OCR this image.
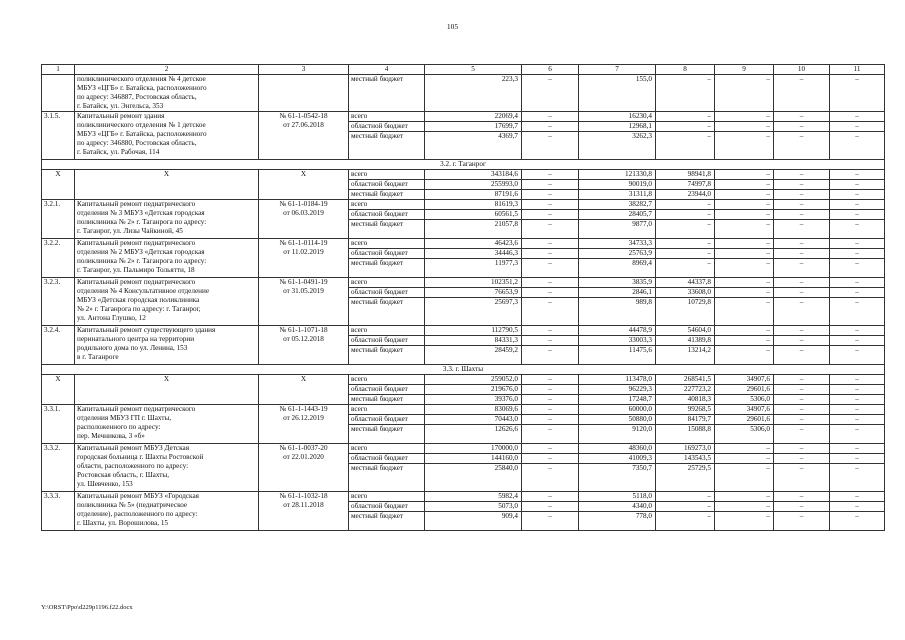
105
1	2	3	4	5	6	7	8	9	10	11
	поликлинического отделения № 4 детское
МБУЗ «ЦГБ» г. Батайска, расположенного
по адресу: 346887, Ростовская область,
г. Батайск, ул. Энгельса, 353		местный бюджет	223,3	–	155,0	–	–	–	–
3.1.5.	Капитальный ремонт здания
поликлинического отделения № 1 детское
МБУЗ «ЦГБ» г. Батайска, расположенного
по адресу: 346880, Ростовская область,
г. Батайск, ул. Рабочая, 114	№ 61-1-0542-18
от 27.06.2018	всего	22069,4	–	16230,4	–	–	–	–
			областной бюджет	17699,7	–	12968,1	–	–	–	–
			местный бюджет	4369,7	–	3262,3	–	–	–	–
3.2. г. Таганрог										
X	X	X	всего	343184,6	–	121330,8	98941,8	–	–	–
			областной бюджет	255993,0	–	90019,0	74997,8	–	–	–
			местный бюджет	87191,6	–	31311,8	23944,0	–	–	–
3.2.1.	Капитальный ремонт педиатрического
отделения № 3 МБУЗ «Детская городская
поликлиника № 2» г. Таганрога по адресу:
г. Таганрог, ул. Лизы Чайкиной, 45	№ 61-1-0184-19
от 06.03.2019	всего	81619,3	–	38282,7	–	–	–	–
			областной бюджет	60561,5	–	28405,7	–	–	–	–
			местный бюджет	21057,8	–	9877,0	–	–	–	–
3.2.2.	Капитальный ремонт педиатрического
отделения № 2 МБУЗ «Детская городская
поликлиника № 2» г. Таганрога по адресу:
г. Таганрог, ул. Пальмиро Тольятти, 18	№ 61-1-0114-19
от 11.02.2019	всего	46423,6	–	34733,3	–	–	–	–
			областной бюджет	34446,3	–	25763,9	–	–	–	–
			местный бюджет	11977,3	–	8969,4	–	–	–	–
3.2.3.	Капитальный ремонт педиатрического
отделения № 4 Консультативное отделение
МБУЗ «Детская городская поликлиника
№ 2» г. Таганрога по адресу: г. Таганрог,
ул. Антона Глушко, 12	№ 61-1-0491-19
от 31.05.2019	всего	102351,2	–	3835,9	44337,8	–	–	–
			областной бюджет	76653,9	–	2846,1	33608,0	–	–	–
			местный бюджет	25697,3	–	989,8	10729,8	–	–	–
3.2.4.	Капитальный ремонт существующего здания
перинатального центра на территории
родильного дома по ул. Ленина, 153
в г. Таганроге	№ 61-1-1071-18
от 05.12.2018	всего	112790,5	–	44478,9	54604,0	–	–	–
			областной бюджет	84331,3	–	33003,3	41389,8	–	–	–
			местный бюджет	28459,2	–	11475,6	13214,2	–	–	–
3.3. г. Шахты										
X	X	X	всего	259052,0	–	113478,0	268541,5	34907,6	–	–
			областной бюджет	219676,0	–	96229,3	227723,2	29601,6	–	–
			местный бюджет	39376,0	–	17248,7	40818,3	5306,0	–	–
3.3.1.	Капитальный ремонт педиатрического
отделения МБУЗ ГП г. Шахты,
расположенного по адресу:
пер. Мечникова, 3 «б»	№ 61-1-1443-19
от 26.12.2019	всего	83069,6	–	60000,0	99268,5	34907,6	–	–
			областной бюджет	70443,0	–	50880,0	84179,7	29601,6	–	–
			местный бюджет	12626,6	–	9120,0	15088,8	5306,0	–	–
3.3.2.	Капитальный ремонт МБУЗ Детская
городская больница г. Шахты Ростовской
области, расположенного по адресу:
Ростовская область, г. Шахты,
ул. Шевченко, 153	№ 61-1-0037-20
от 22.01.2020	всего	170000,0	–	48360,0	169273,0	–	–	–
			областной бюджет	144160,0	–	41009,3	143543,5	–	–	–
			местный бюджет	25840,0	–	7350,7	25729,5	–	–	–
3.3.3.	Капитальный ремонт МБУЗ «Городская
поликлиника № 5» (педиатрическое
отделение), расположенного по адресу:
г. Шахты, ул. Ворошилова, 15	№ 61-1-1032-18
от 28.11.2018	всего	5982,4	–	5118,0	–	–	–	–
			областной бюджет	5073,0	–	4340,0	–	–	–	–
			местный бюджет	909,4	–	778,0	–	–	–	–
Y:\ORST\Ppo\d229p1196.f22.docx
